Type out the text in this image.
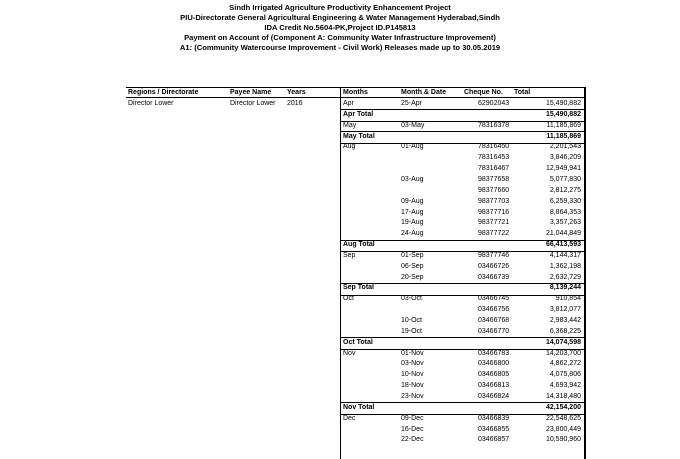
Sindh Irrigated Agriculture Productivity Enhancement Project
PIU-Directorate General Agricultural Engineering & Water Management Hyderabad,Sindh
IDA Credit No.5604-PK,Project ID.P145813
Payment on Account of (Component A: Community Water Infrastructure Improvement)
A1: (Community Watercourse Improvement - Civil Work) Releases made up to 30.05.2019
Regions / Directorate	Payee Name Years	Months	Month & Date	Cheque No. Total
Director Lower	Director Lower 2016	Apr	25-Apr	62902043	15,490,882
Apr Total	15,490,882
May	03-May	78316378	11,185,869
May Total	11,185,869
Aug	01-Aug	78316450	2,201,543
78316453	3,846,209
78316467	12,949,941
03-Aug	98377658	5,077,830
98377660	2,812,275
09-Aug	98377703	6,259,330
17-Aug	98377716	8,864,353
19-Aug	98377721	3,357,263
24-Aug	98377722	21,044,849
Aug Total	66,413,593
Sep	01-Sep	98377746	4,144,317
06-Sep	03466726	1,362,198
20-Sep	03466739	2,632,729
Sep Total	8,139,244
Oct	03-Oct	03466745	910,854
03466756	3,812,077
10-Oct	03466768	2,983,442
19-Oct	03466770	6,368,225
Oct Total	14,074,598
Nov	01-Nov	03466783	14,203,700
03-Nov	03466800	4,862,272
10-Nov	03466805	4,075,806
18-Nov	03466813	4,693,942
23-Nov	03466824	14,318,480
Nov Total	42,154,200
Dec	09-Dec	03466839	22,548,625
16-Dec	03466855	23,800,449
22-Dec	03466857	10,590,960
